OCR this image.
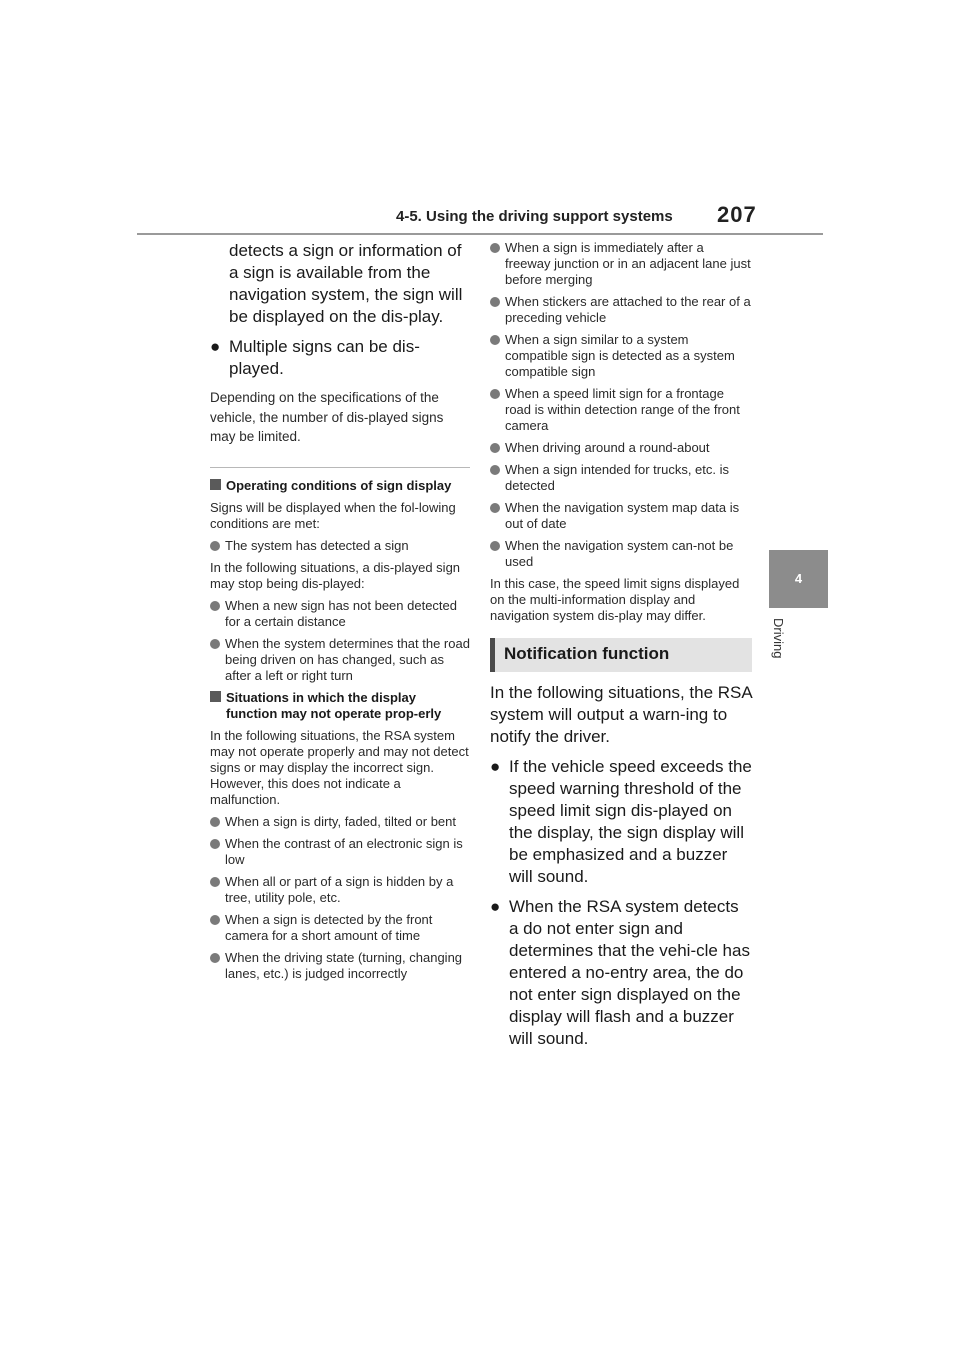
4-5. Using the driving support systems 207
4
Driving

detects a sign or information of a sign is available from the navigation system, the sign will be displayed on the dis-play.

● Multiple signs can be dis-played.

Depending on the specifications of the vehicle, the number of dis-played signs may be limited.

Operating conditions of sign display

Signs will be displayed when the fol-lowing conditions are met:

The system has detected a sign

In the following situations, a dis-played sign may stop being dis-played:

When a new sign has not been detected for a certain distance
When the system determines that the road being driven on has changed, such as after a left or right turn
Situations in which the display function may not operate prop-erly

In the following situations, the RSA system may not operate properly and may not detect signs or may display the incorrect sign. However, this does not indicate a malfunction.

When a sign is dirty, faded, tilted or bent
When the contrast of an electronic sign is low
When all or part of a sign is hidden by a tree, utility pole, etc.
When a sign is detected by the front camera for a short amount of time
When the driving state (turning, changing lanes, etc.) is judged incorrectly
When a sign is immediately after a freeway junction or in an adjacent lane just before merging
When stickers are attached to the rear of a preceding vehicle
When a sign similar to a system compatible sign is detected as a system compatible sign
When a speed limit sign for a frontage road is within detection range of the front camera
When driving around a round-about
When a sign intended for trucks, etc. is detected
When the navigation system map data is out of date
When the navigation system can-not be used

In this case, the speed limit signs displayed on the multi-information display and navigation system dis-play may differ.

Notification function

In the following situations, the RSA system will output a warn-ing to notify the driver.

● If the vehicle speed exceeds the speed warning threshold of the speed limit sign dis-played on the display, the sign display will be emphasized and a buzzer will sound.
● When the RSA system detects a do not enter sign and determines that the vehi-cle has entered a no-entry area, the do not enter sign displayed on the display will flash and a buzzer will sound.
